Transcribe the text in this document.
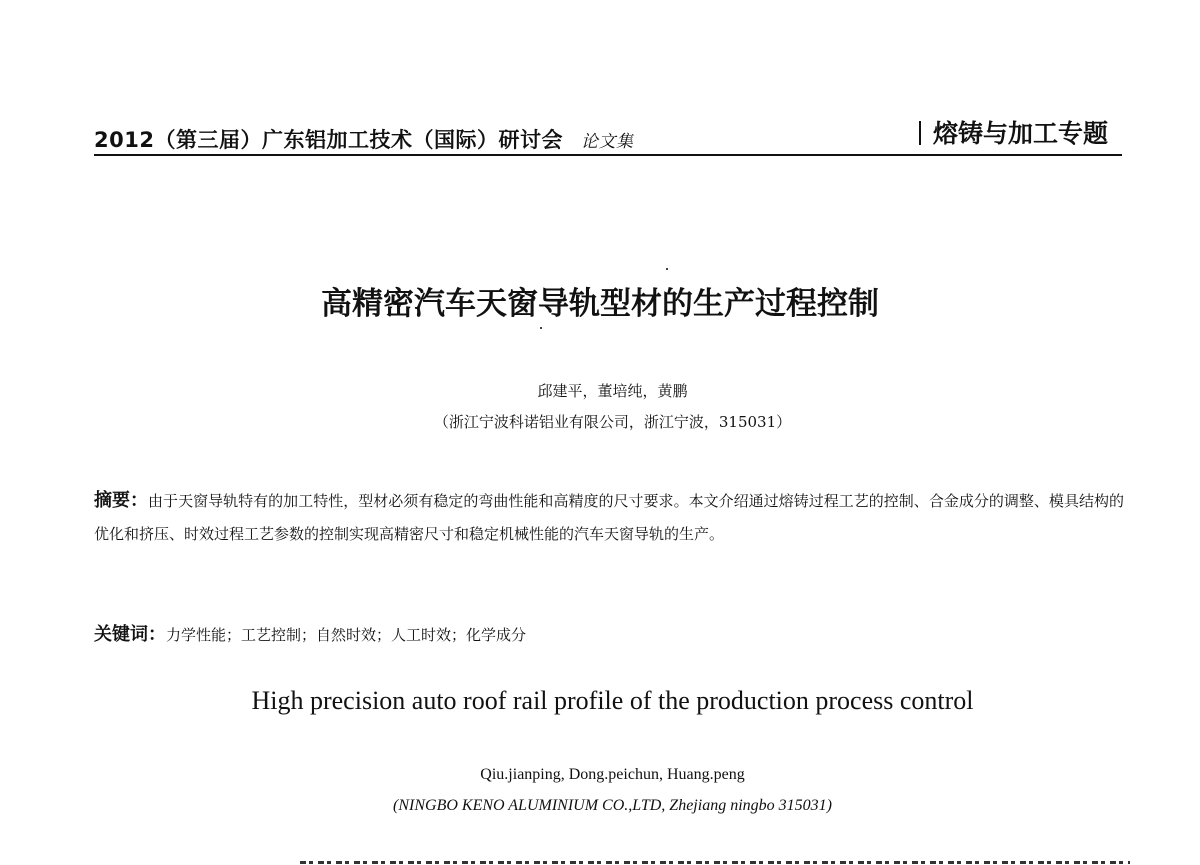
2012（第三届）广东铝加工技术（国际）研讨会 论文集	熔铸与加工专题
高精密汽车天窗导轨型材的生产过程控制
邱建平，董培纯，黄鹏
（浙江宁波科诺铝业有限公司，浙江宁波，315031）
摘要：由于天窗导轨特有的加工特性，型材必须有稳定的弯曲性能和高精度的尺寸要求。本文介绍通过熔铸过程工艺的控制、合金成分的调整、模具结构的优化和挤压、时效过程工艺参数的控制实现高精密尺寸和稳定机械性能的汽车天窗导轨的生产。
关键词：力学性能；工艺控制；自然时效；人工时效；化学成分
High precision auto roof rail profile of the production process control
Qiu.jianping, Dong.peichun, Huang.peng
(NINGBO KENO ALUMINIUM CO.,LTD, Zhejiang ningbo 315031)
